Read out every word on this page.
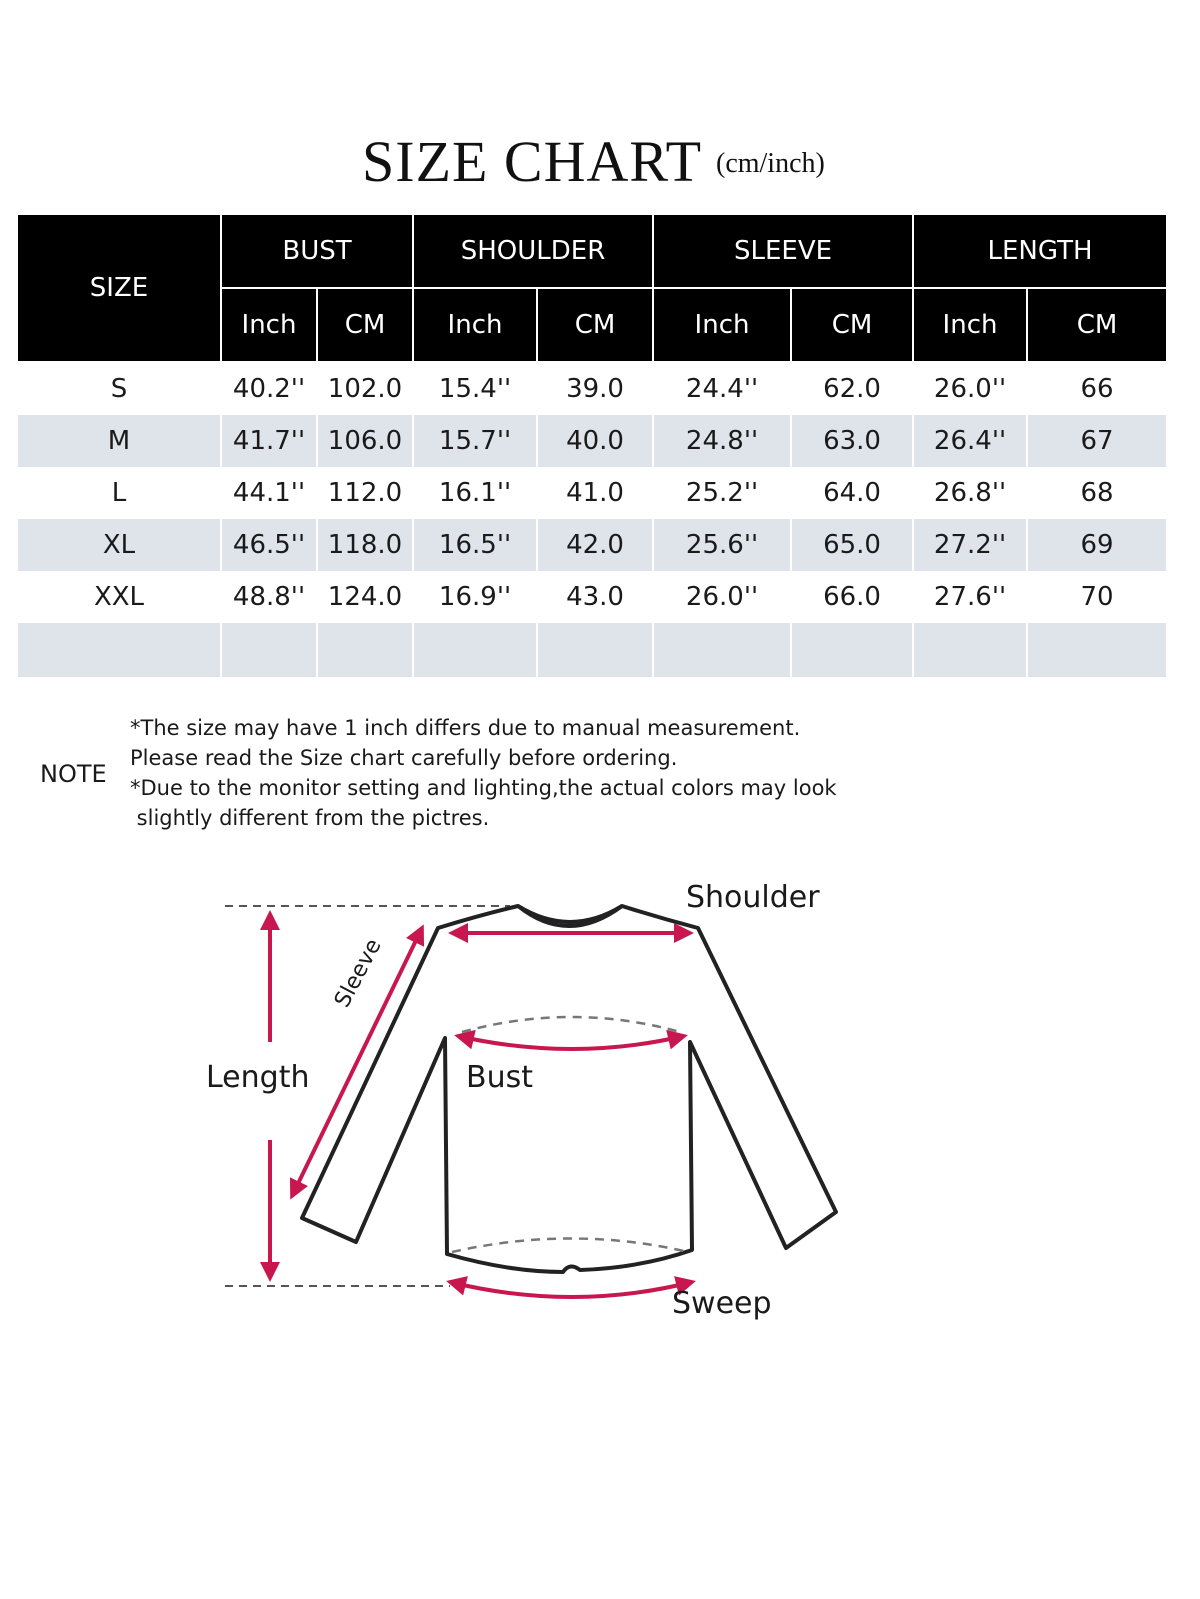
SIZE CHART (cm/inch)
SIZE	BUST		SHOULDER		SLEEVE		LENGTH	
	Inch	CM	Inch	CM	Inch	CM	Inch	CM
S	40.2''	102.0	15.4''	39.0	24.4''	62.0	26.0''	66
M	41.7''	106.0	15.7''	40.0	24.8''	63.0	26.4''	67
L	44.1''	112.0	16.1''	41.0	25.2''	64.0	26.8''	68
XL	46.5''	118.0	16.5''	42.0	25.6''	65.0	27.2''	69
XXL	48.8''	124.0	16.9''	43.0	26.0''	66.0	27.6''	70

NOTE
*The size may have 1 inch differs due to manual measurement.
Please read the Size chart carefully before ordering.
*Due to the monitor setting and lighting,the actual colors may look
slightly different from the pictres.
Shoulder
Sleeve
Length	Bust
Sweep
